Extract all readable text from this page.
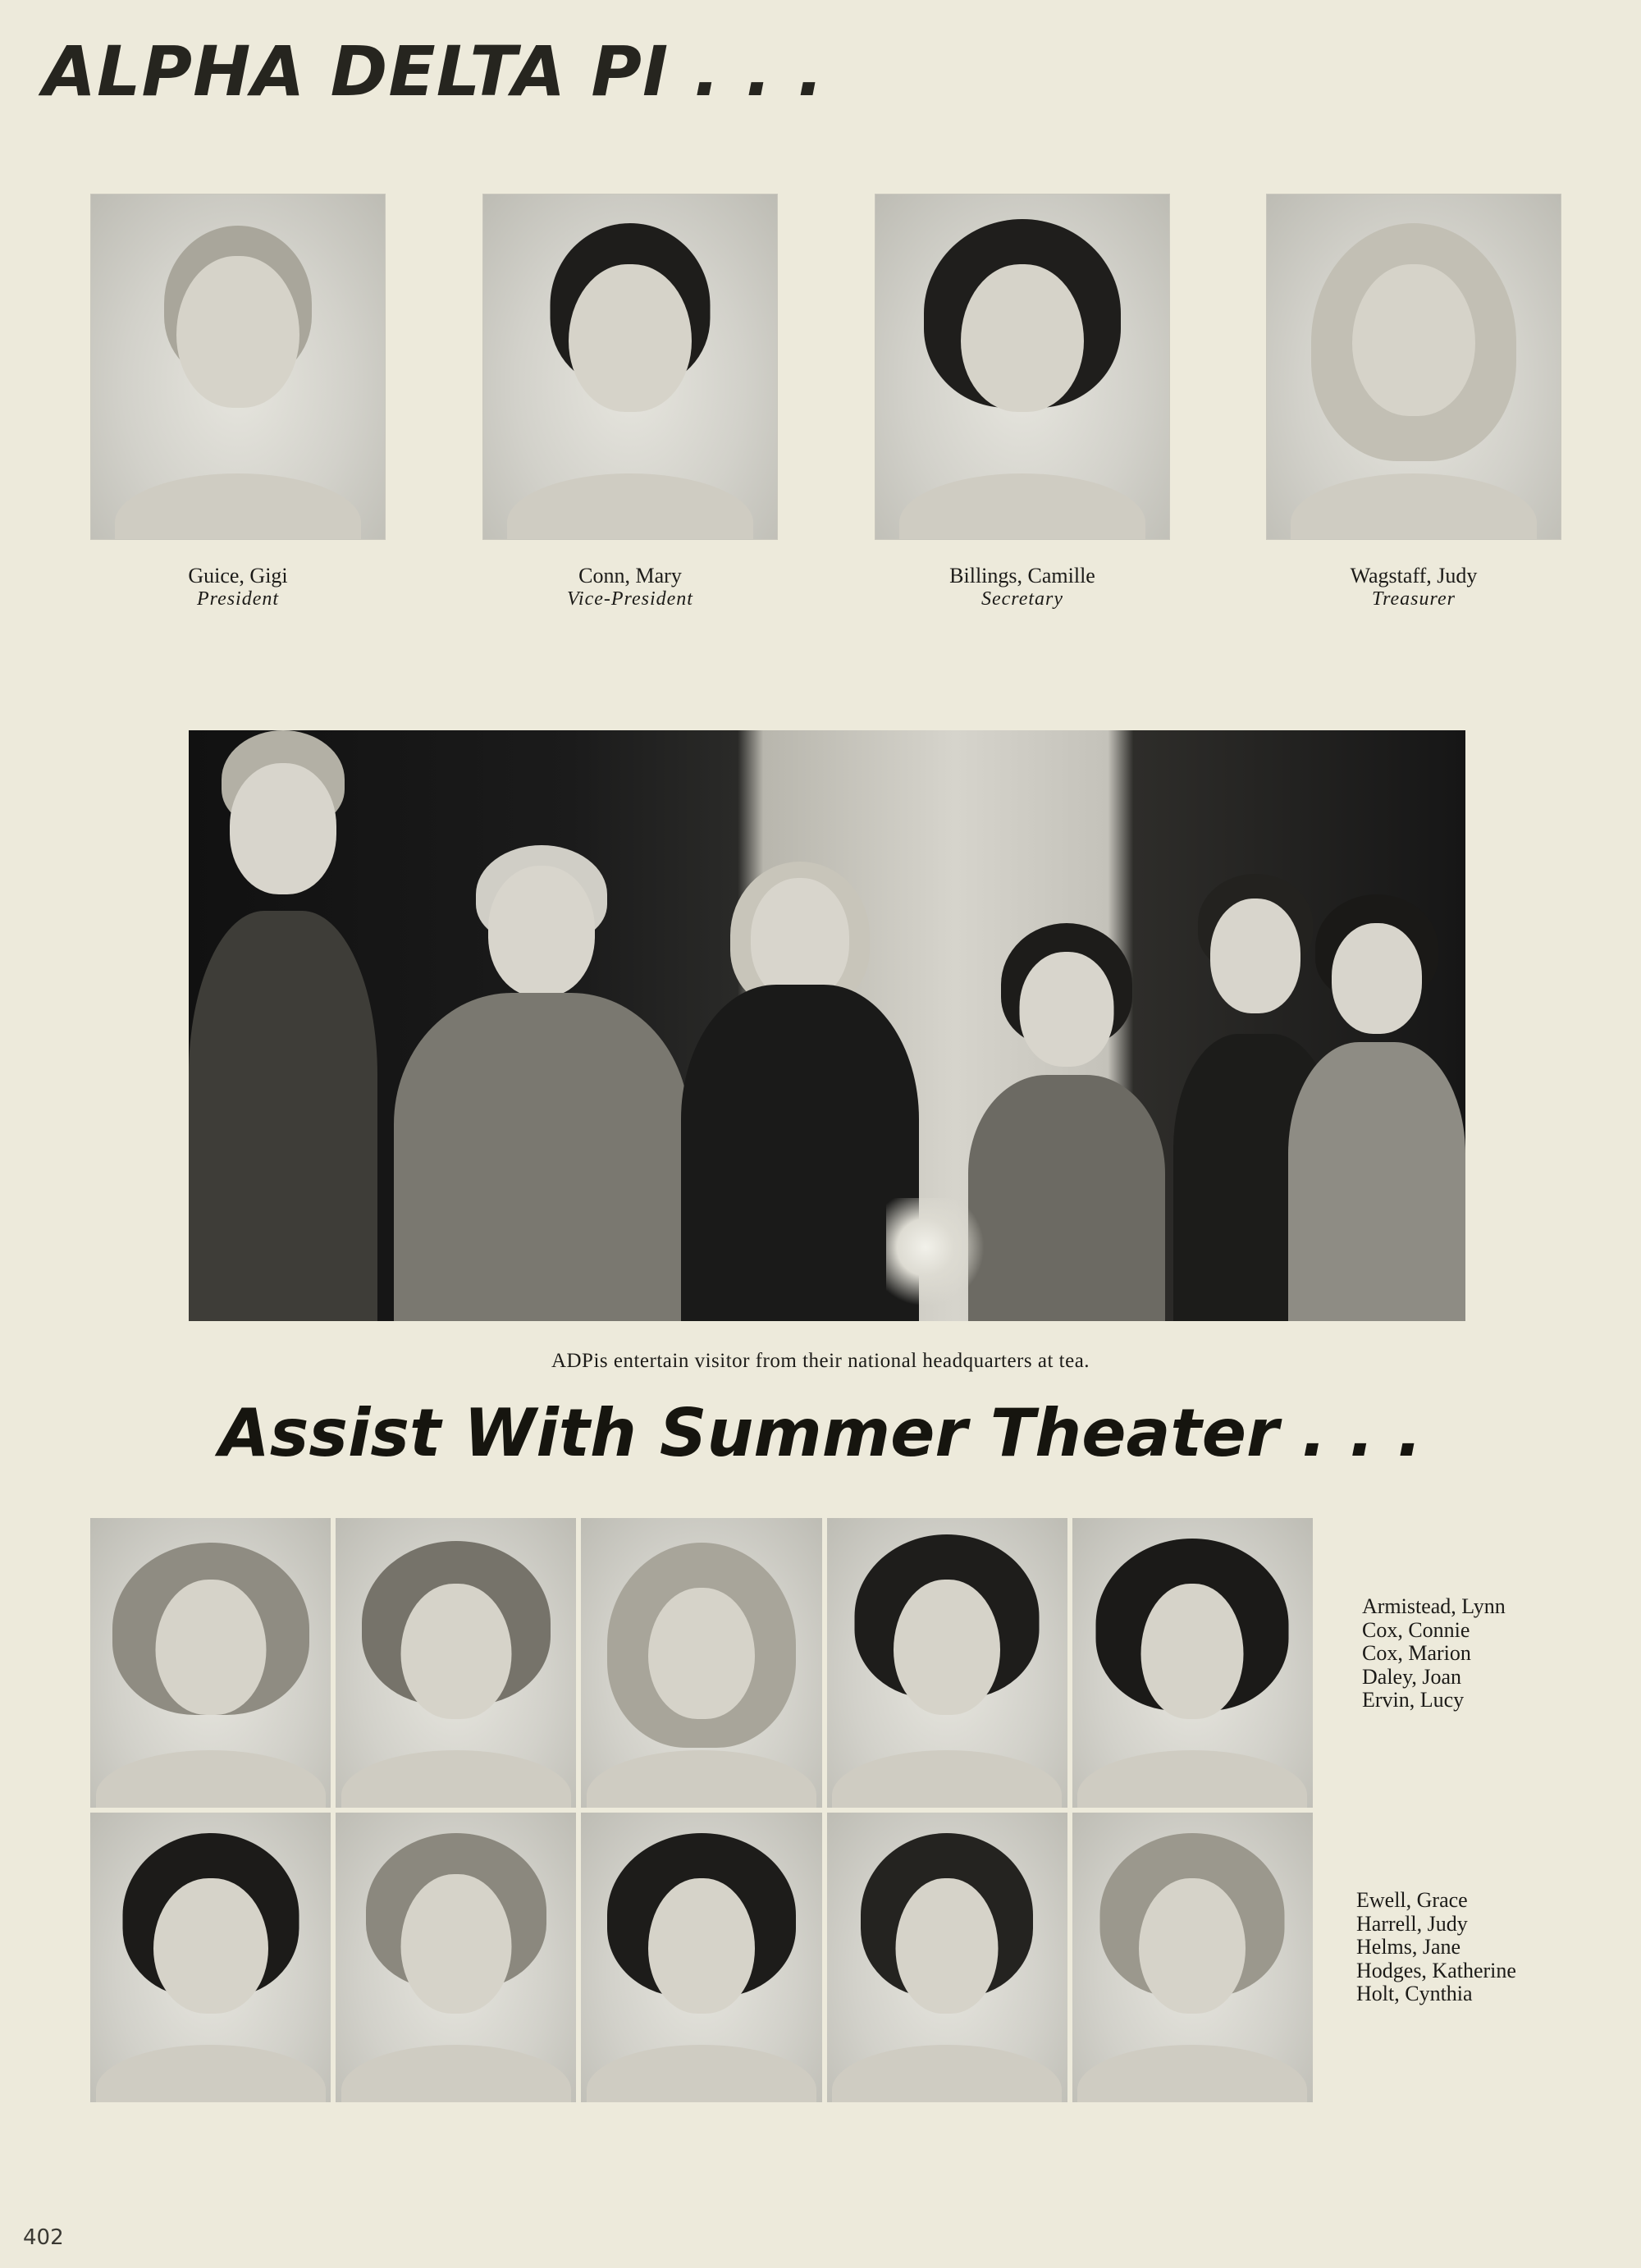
ALPHA DELTA PI . . .
Guice, Gigi
President
Conn, Mary
Vice-President
Billings, Camille
Secretary
Wagstaff, Judy
Treasurer
ADPis entertain visitor from their national headquarters at tea.
Assist With Summer Theater . . .
Armistead, Lynn
Cox, Connie
Cox, Marion
Daley, Joan
Ervin, Lucy
Ewell, Grace
Harrell, Judy
Helms, Jane
Hodges, Katherine
Holt, Cynthia
402
